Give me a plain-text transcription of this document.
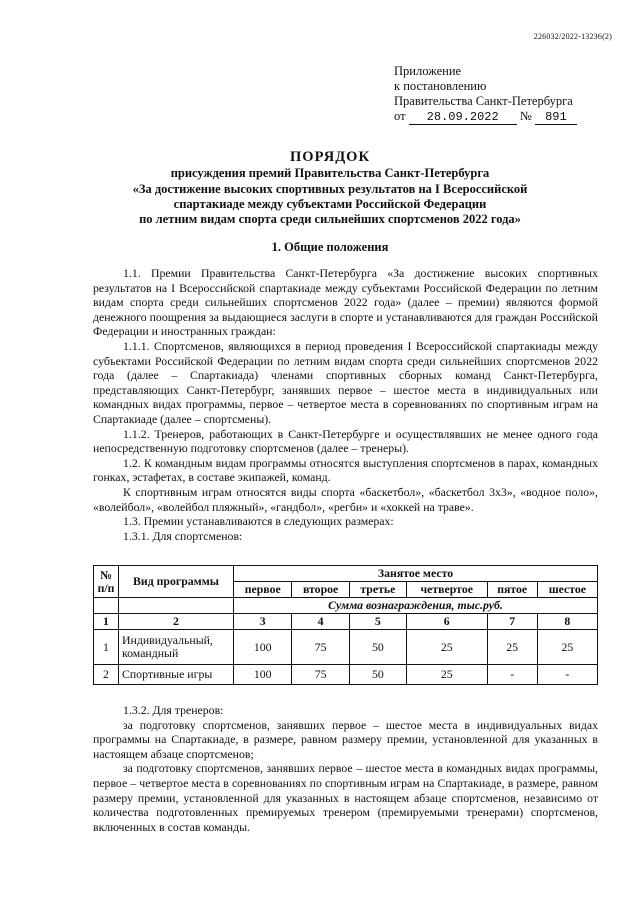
226032/2022-13236(2)
Приложение
к постановлению
Правительства Санкт-Петербурга
от 28.09.2022 № 891
ПОРЯДОК
присуждения премий Правительства Санкт-Петербурга
«За достижение высоких спортивных результатов на I Всероссийской
спартакиаде между субъектами Российской Федерации
по летним видам спорта среди сильнейших спортсменов 2022 года»
1. Общие положения

1.1. Премии Правительства Санкт-Петербурга «За достижение высоких спортивных результатов на I Всероссийской спартакиаде между субъектами Российской Федерации по летним видам спорта среди сильнейших спортсменов 2022 года» (далее – премии) являются формой денежного поощрения за выдающиеся заслуги в спорте и устанавливаются для граждан Российской Федерации и иностранных граждан:

1.1.1. Спортсменов, являющихся в период проведения I Всероссийской спартакиады между субъектами Российской Федерации по летним видам спорта среди сильнейших спортсменов 2022 года (далее – Спартакиада) членами спортивных сборных команд Санкт-Петербурга, представляющих Санкт-Петербург, занявших первое – шестое места в индивидуальных или командных видах программы, первое – четвертое места в соревнованиях по спортивным играм на Спартакиаде (далее – спортсмены).

1.1.2. Тренеров, работающих в Санкт-Петербурге и осуществлявших не менее одного года непосредственную подготовку спортсменов (далее – тренеры).

1.2. К командным видам программы относятся выступления спортсменов в парах, командных гонках, эстафетах, в составе экипажей, команд.

К спортивным играм относятся виды спорта «баскетбол», «баскетбол 3х3», «водное поло», «волейбол», «волейбол пляжный», «гандбол», «регби» и «хоккей на траве».

1.3. Премии устанавливаются в следующих размерах:

1.3.1. Для спортсменов:

№ п/п	Вид программы	Занятое место					
		первое	второе	третье	четвертое	пятое	шестое
		Сумма вознаграждения, тыс.руб.					
1	2	3	4	5	6	7	8
1	Индивидуальный, командный	100	75	50	25	25	25
2	Спортивные игры	100	75	50	25	-	-

1.3.2. Для тренеров:

за подготовку спортсменов, занявших первое – шестое места в индивидуальных видах программы на Спартакиаде, в размере, равном размеру премии, установленной для указанных в настоящем абзаце спортсменов;

за подготовку спортсменов, занявших первое – шестое места в командных видах программы, первое – четвертое места в соревнованиях по спортивным играм на Спартакиаде, в размере, равном размеру премии, установленной для указанных в настоящем абзаце спортсменов, независимо от количества подготовленных премируемых тренером (премируемыми тренерами) спортсменов, включенных в состав команды.
